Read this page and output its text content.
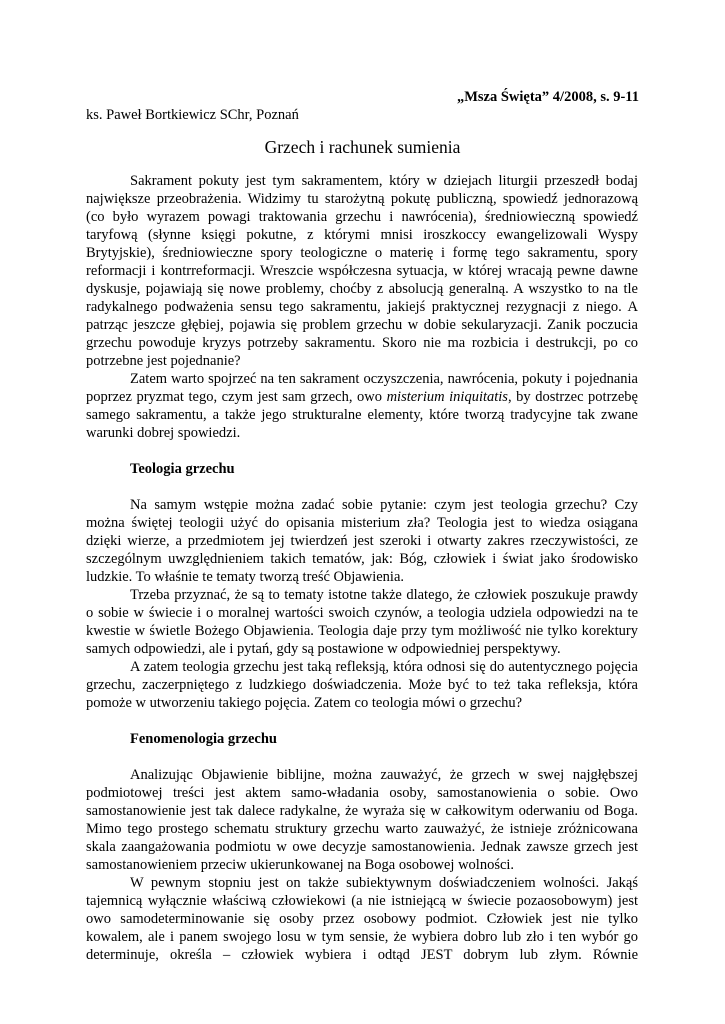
„Msza Święta” 4/2008, s. 9-11
ks. Paweł Bortkiewicz SChr, Poznań
Grzech i rachunek sumienia

Sakrament pokuty jest tym sakramentem, który w dziejach liturgii przeszedł bodaj największe przeobrażenia. Widzimy tu starożytną pokutę publiczną, spowiedź jednorazową (co było wyrazem powagi traktowania grzechu i nawrócenia), średniowieczną spowiedź taryfową (słynne księgi pokutne, z którymi mnisi iroszkoccy ewangelizowali Wyspy Brytyjskie), średniowieczne spory teologiczne o materię i formę tego sakramentu, spory reformacji i kontrreformacji. Wreszcie współczesna sytuacja, w której wracają pewne dawne dyskusje, pojawiają się nowe problemy, choćby z absolucją generalną. A wszystko to na tle radykalnego podważenia sensu tego sakramentu, jakiejś praktycznej rezygnacji z niego. A patrząc jeszcze głębiej, pojawia się problem grzechu w dobie sekularyzacji. Zanik poczucia grzechu powoduje kryzys potrzeby sakramentu. Skoro nie ma rozbicia i destrukcji, po co potrzebne jest pojednanie?

Zatem warto spojrzeć na ten sakrament oczyszczenia, nawrócenia, pokuty i pojednania poprzez pryzmat tego, czym jest sam grzech, owo misterium iniquitatis, by dostrzec potrzebę samego sakramentu, a także jego strukturalne elementy, które tworzą tradycyjne tak zwane warunki dobrej spowiedzi.

Teologia grzechu

Na samym wstępie można zadać sobie pytanie: czym jest teologia grzechu? Czy można świętej teologii użyć do opisania misterium zła? Teologia jest to wiedza osiągana dzięki wierze, a przedmiotem jej twierdzeń jest szeroki i otwarty zakres rzeczywistości, ze szczególnym uwzględnieniem takich tematów, jak: Bóg, człowiek i świat jako środowisko ludzkie. To właśnie te tematy tworzą treść Objawienia.

Trzeba przyznać, że są to tematy istotne także dlatego, że człowiek poszukuje prawdy o sobie w świecie i o moralnej wartości swoich czynów, a teologia udziela odpowiedzi na te kwestie w świetle Bożego Objawienia. Teologia daje przy tym możliwość nie tylko korektury samych odpowiedzi, ale i pytań, gdy są postawione w odpowiedniej perspektywy.

A zatem teologia grzechu jest taką refleksją, która odnosi się do autentycznego pojęcia grzechu, zaczerpniętego z ludzkiego doświadczenia. Może być to też taka refleksja, która pomoże w utworzeniu takiego pojęcia. Zatem co teologia mówi o grzechu?

Fenomenologia grzechu

Analizując Objawienie biblijne, można zauważyć, że grzech w swej najgłębszej podmiotowej treści jest aktem samo-władania osoby, samostanowienia o sobie. Owo samostanowienie jest tak dalece radykalne, że wyraża się w całkowitym oderwaniu od Boga. Mimo tego prostego schematu struktury grzechu warto zauważyć, że istnieje zróżnicowana skala zaangażowania podmiotu w owe decyzje samostanowienia. Jednak zawsze grzech jest samostanowieniem przeciw ukierunkowanej na Boga osobowej wolności.

W pewnym stopniu jest on także subiektywnym doświadczeniem wolności. Jakąś tajemnicą wyłącznie właściwą człowiekowi (a nie istniejącą w świecie pozaosobowym) jest owo samodeterminowanie się osoby przez osobowy podmiot. Człowiek jest nie tylko kowalem, ale i panem swojego losu w tym sensie, że wybiera dobro lub zło i ten wybór go determinuje, określa – człowiek wybiera i odtąd JEST dobrym lub złym. Równie
